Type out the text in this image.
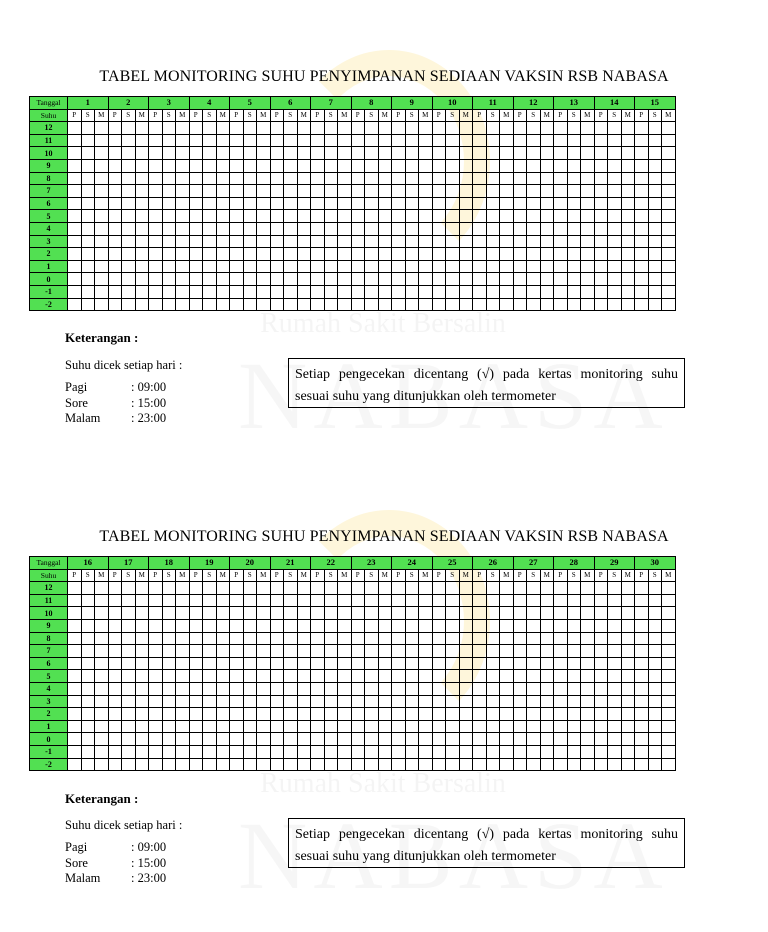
TABEL MONITORING SUHU PENYIMPANAN SEDIAAN VAKSIN RSB NABASA
Tanggal	1			2			3			4			5			6			7			8			9			10			11			12			13			14			15		
Suhu	P	S	M	P	S	M	P	S	M	P	S	M	P	S	M	P	S	M	P	S	M	P	S	M	P	S	M	P	S	M	P	S	M	P	S	M	P	S	M	P	S	M	P	S	M
12																																													
11																																													
10																																													
9																																													
8																																													
7																																													
6																																													
5																																													
4																																													
3																																													
2																																													
1																																													
0																																													
-1																																													
-2																																													
Keterangan :
Suhu dicek setiap hari :
Pagi	: 09:00
Sore	: 15:00
Malam	: 23:00
Setiap pengecekan dicentang (√) pada kertas monitoring suhu sesuai suhu yang ditunjukkan oleh termometer
TABEL MONITORING SUHU PENYIMPANAN SEDIAAN VAKSIN RSB NABASA
Tanggal	16			17			18			19			20			21			22			23			24			25			26			27			28			29			30		
Suhu	P	S	M	P	S	M	P	S	M	P	S	M	P	S	M	P	S	M	P	S	M	P	S	M	P	S	M	P	S	M	P	S	M	P	S	M	P	S	M	P	S	M	P	S	M
12																																													
11																																													
10																																													
9																																													
8																																													
7																																													
6																																													
5																																													
4																																													
3																																													
2																																													
1																																													
0																																													
-1																																													
-2																																													
Keterangan :
Suhu dicek setiap hari :
Pagi	: 09:00
Sore	: 15:00
Malam	: 23:00
Setiap pengecekan dicentang (√) pada kertas monitoring suhu sesuai suhu yang ditunjukkan oleh termometer
